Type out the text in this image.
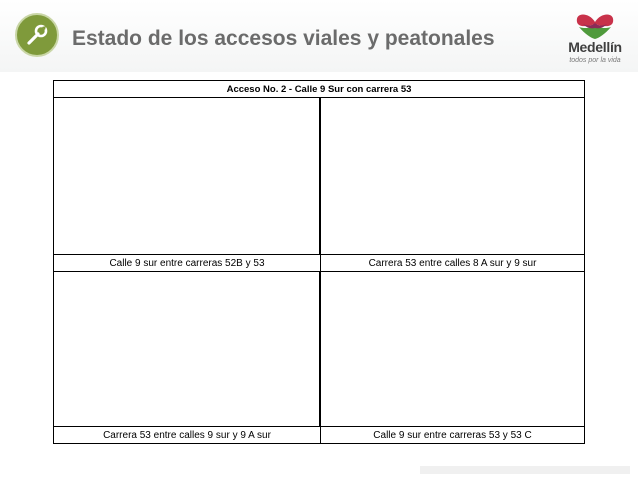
Estado de los accesos viales y peatonales	Medellín
todos por la vida
Acceso No. 2 - Calle 9 Sur con carrera 53
Calle 9 sur entre carreras 52B y 53	Carrera 53 entre calles 8 A sur y 9 sur
Carrera 53 entre calles 9 sur y 9 A sur	Calle 9 sur entre carreras 53 y 53 C
